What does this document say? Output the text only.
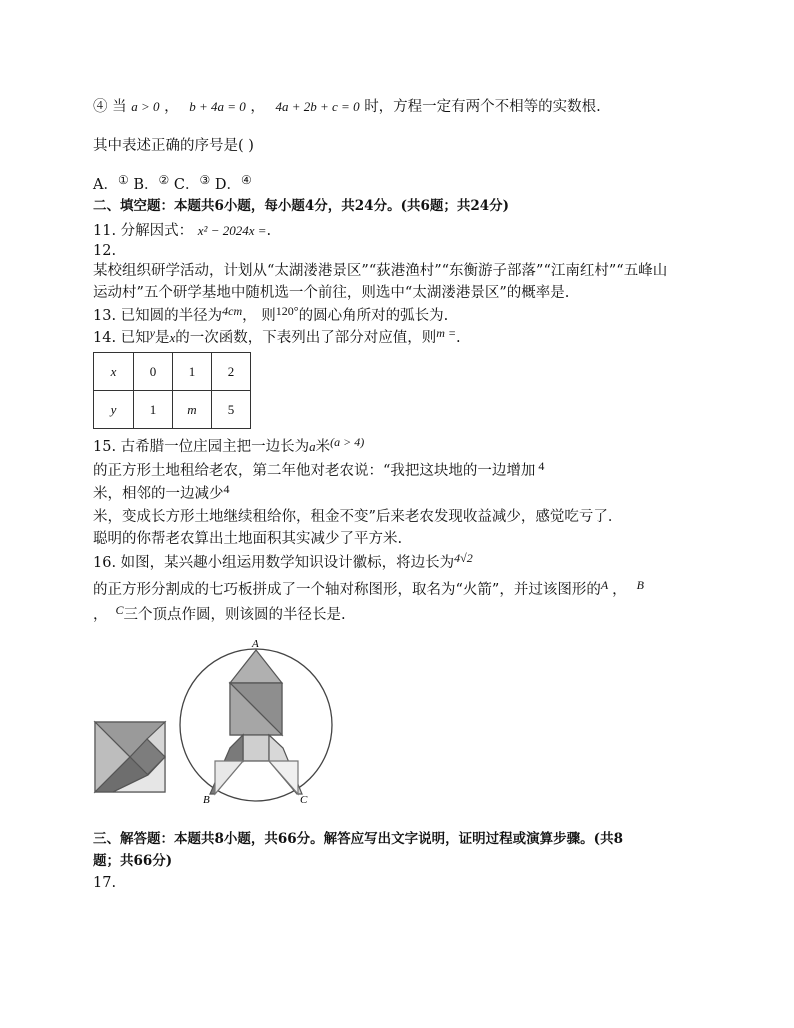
④ 当 a > 0 ， b + 4a = 0 ， 4a + 2b + c = 0 时，方程一定有两个不相等的实数根.
其中表述正确的序号是( )
A．① B．② C．③ D．④
二、填空题：本题共6小题，每小题4分，共24分。(共6题；共24分)
11. 分解因式： x² − 2024x =.
12.
某校组织研学活动，计划从“太湖溇港景区”“荻港渔村”“东衡游子部落”“江南红村”“五峰山
运动村”五个研学基地中随机选一个前往，则选中“太湖溇港景区”的概率是.
13. 已知圆的半径为$^{4cm}$， 则$^{120^\circ}$的圆心角所对的弧长为.
14. 已知$^y$是x的一次函数，下表列出了部分对应值，则$^{m =}$.
x	0	1	2
y	1	m	5
15. 古希腊一位庄园主把一边长为a米$^{(a > 4)}$
的正方形土地租给老农，第二年他对老农说：“我把这块地的一边增加 $^4$
米，相邻的一边减少$^4$
米，变成长方形土地继续租给你，租金不变”后来老农发现收益减少，感觉吃亏了．
聪明的你帮老农算出土地面积其实减少了平方米.
16. 如图，某兴趣小组运用数学知识设计徽标，将边长为$^{4√2}$
的正方形分割成的七巧板拼成了一个轴对称图形，取名为“火箭”，并过该图形的$^A$ ， $^B$
， $^C$三个顶点作圆，则该圆的半径长是.
A
B	C
三、解答题：本题共8小题，共66分。解答应写出文字说明，证明过程或演算步骤。(共8
题；共66分)
17.
